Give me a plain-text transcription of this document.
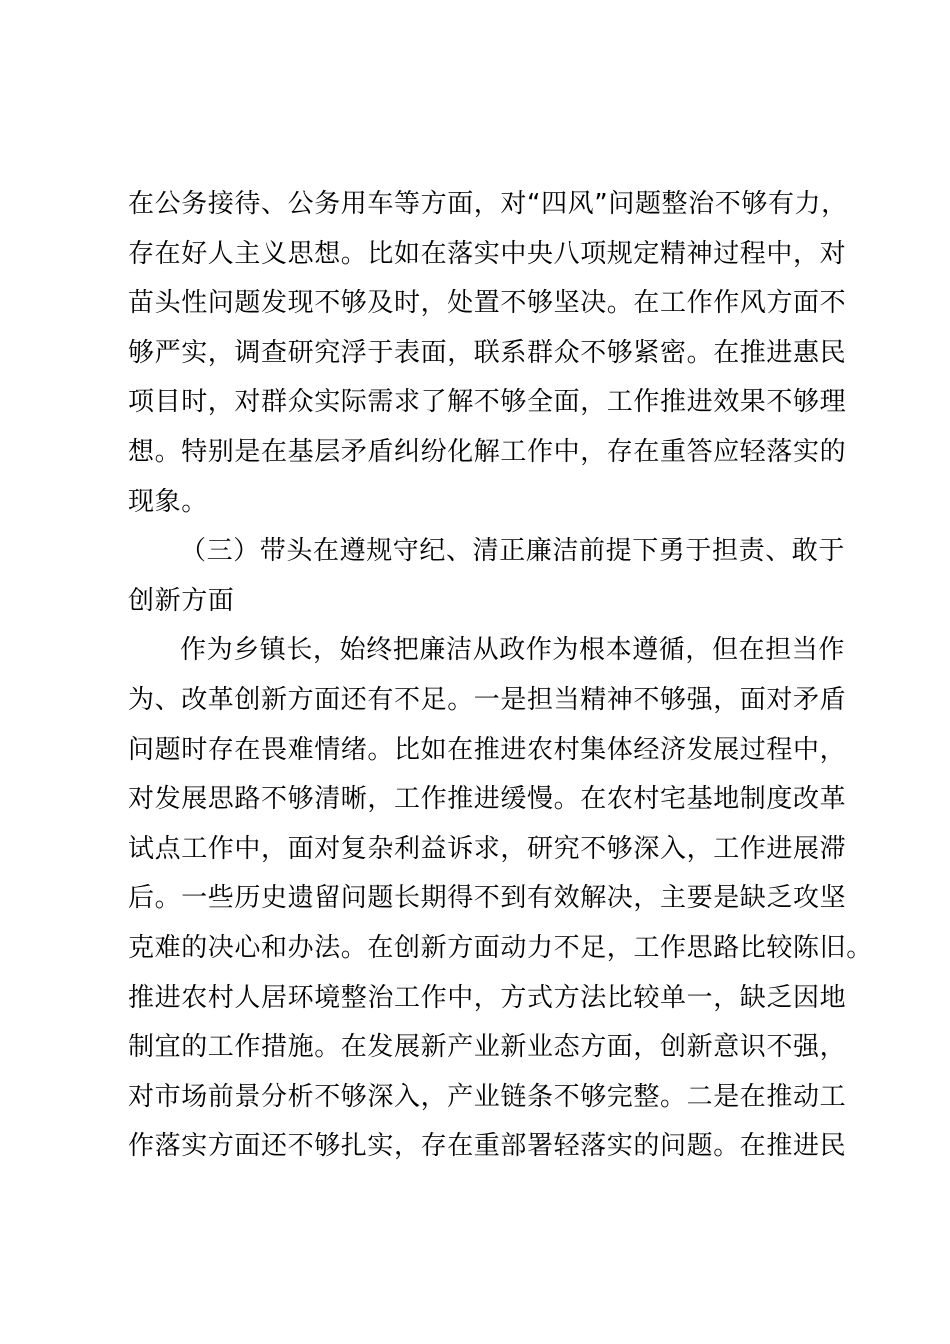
在公务接待、公务用车等方面，对“四风”问题整治不够有力，
存在好人主义思想。比如在落实中央八项规定精神过程中，对
苗头性问题发现不够及时，处置不够坚决。在工作作风方面不
够严实，调查研究浮于表面，联系群众不够紧密。在推进惠民
项目时，对群众实际需求了解不够全面，工作推进效果不够理
想。特别是在基层矛盾纠纷化解工作中，存在重答应轻落实的
现象。
（三）带头在遵规守纪、清正廉洁前提下勇于担责、敢于
创新方面
作为乡镇长，始终把廉洁从政作为根本遵循，但在担当作
为、改革创新方面还有不足。一是担当精神不够强，面对矛盾
问题时存在畏难情绪。比如在推进农村集体经济发展过程中，
对发展思路不够清晰，工作推进缓慢。在农村宅基地制度改革
试点工作中，面对复杂利益诉求，研究不够深入，工作进展滞
后。一些历史遗留问题长期得不到有效解决，主要是缺乏攻坚
克难的决心和办法。在创新方面动力不足，工作思路比较陈旧。
推进农村人居环境整治工作中，方式方法比较单一，缺乏因地
制宜的工作措施。在发展新产业新业态方面，创新意识不强，
对市场前景分析不够深入，产业链条不够完整。二是在推动工
作落实方面还不够扎实，存在重部署轻落实的问题。在推进民
